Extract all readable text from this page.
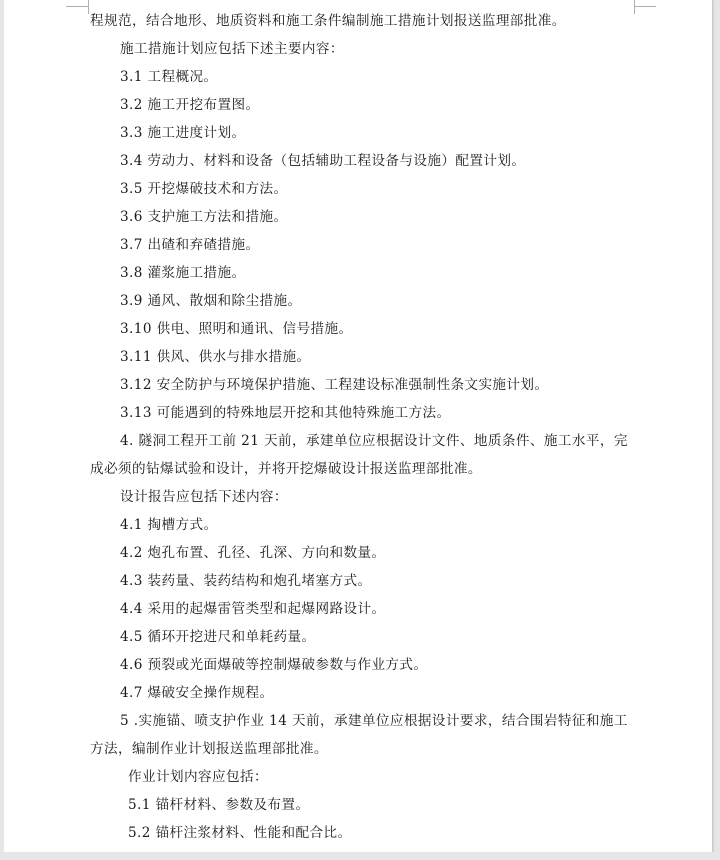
程规范，结合地形、地质资料和施工条件编制施工措施计划报送监理部批准。
施工措施计划应包括下述主要内容：
3.1 工程概况。
3.2 施工开挖布置图。
3.3 施工进度计划。
3.4 劳动力、材料和设备（包括辅助工程设备与设施）配置计划。
3.5 开挖爆破技术和方法。
3.6 支护施工方法和措施。
3.7 出碴和弃碴措施。
3.8 灌浆施工措施。
3.9 通风、散烟和除尘措施。
3.10 供电、照明和通讯、信号措施。
3.11 供风、供水与排水措施。
3.12 安全防护与环境保护措施、工程建设标准强制性条文实施计划。
3.13 可能遇到的特殊地层开挖和其他特殊施工方法。
4. 隧洞工程开工前 21 天前，承建单位应根据设计文件、地质条件、施工水平，完
成必须的钻爆试验和设计，并将开挖爆破设计报送监理部批准。
设计报告应包括下述内容：
4.1 掏槽方式。
4.2 炮孔布置、孔径、孔深、方向和数量。
4.3 装药量、装药结构和炮孔堵塞方式。
4.4 采用的起爆雷管类型和起爆网路设计。
4.5 循环开挖进尺和单耗药量。
4.6 预裂或光面爆破等控制爆破参数与作业方式。
4.7 爆破安全操作规程。
5 .实施锚、喷支护作业 14 天前，承建单位应根据设计要求，结合围岩特征和施工
方法，编制作业计划报送监理部批准。
作业计划内容应包括：
5.1 锚杆材料、参数及布置。
5.2 锚杆注浆材料、性能和配合比。
